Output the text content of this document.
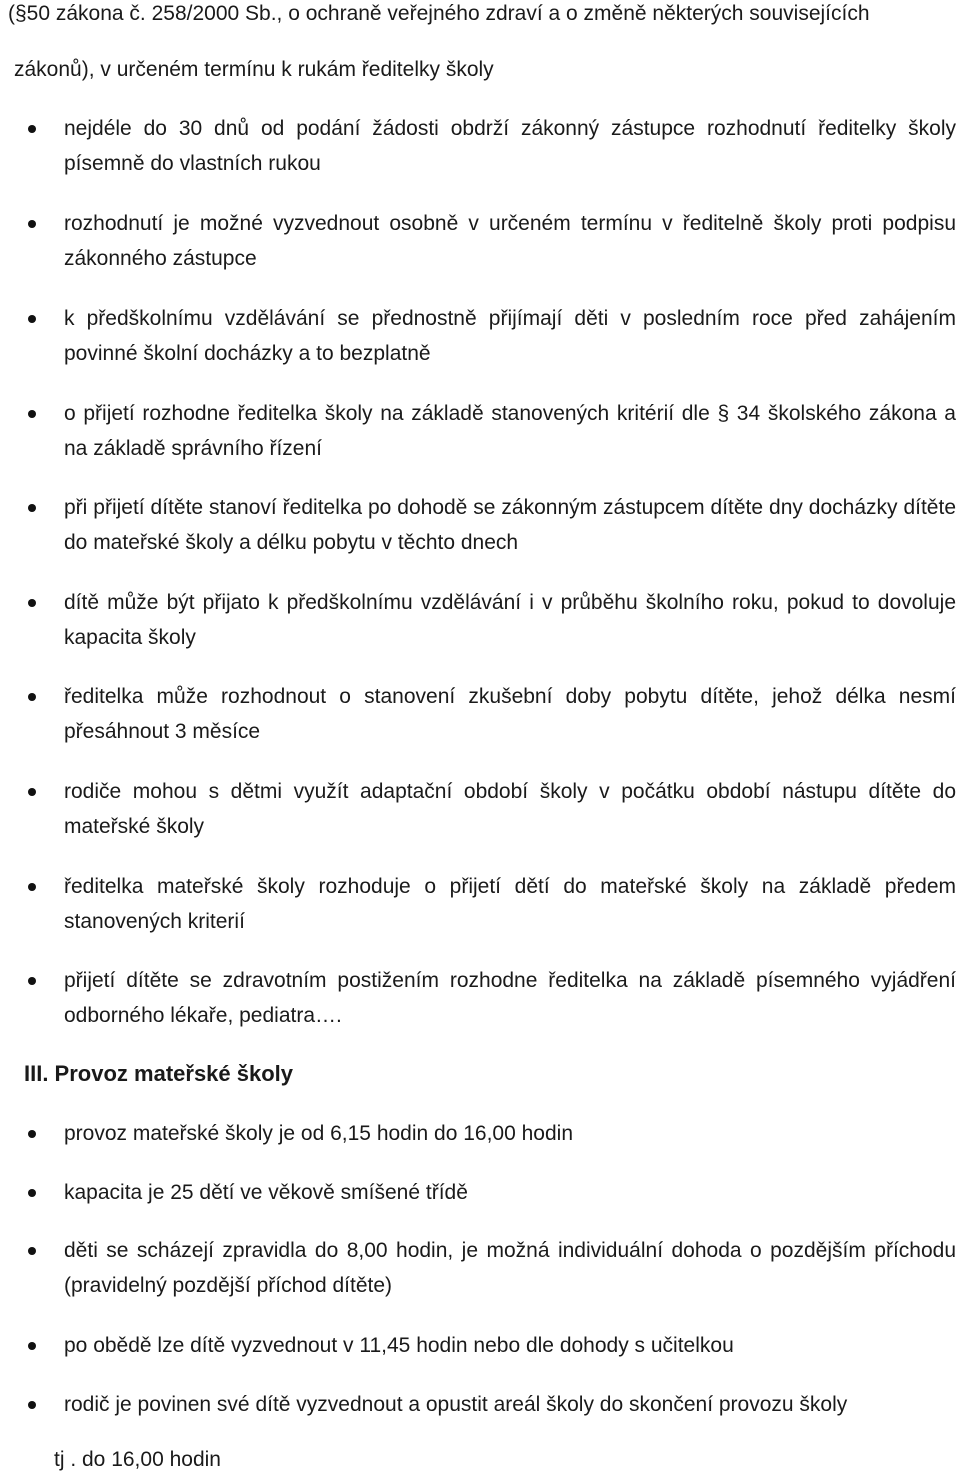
(§50 zákona č. 258/2000 Sb., o ochraně veřejného zdraví a o změně některých souvisejících
zákonů), v určeném termínu k rukám ředitelky školy
nejdéle do 30 dnů od podání žádosti obdrží zákonný zástupce rozhodnutí ředitelky školy písemně do vlastních rukou
rozhodnutí je možné vyzvednout osobně v určeném termínu v ředitelně školy proti podpisu zákonného zástupce
k předškolnímu vzdělávání se přednostně přijímají děti v posledním roce před zahájením povinné školní docházky a to bezplatně
o přijetí rozhodne ředitelka školy na základě stanovených kritérií dle § 34 školského zákona a na základě správního řízení
při přijetí dítěte stanoví ředitelka po dohodě se zákonným zástupcem dítěte dny docházky dítěte do mateřské školy a délku pobytu v těchto dnech
dítě může být přijato k předškolnímu vzdělávání i v průběhu školního roku, pokud to dovoluje kapacita školy
ředitelka může rozhodnout o stanovení zkušební doby pobytu dítěte, jehož délka nesmí přesáhnout 3 měsíce
rodiče mohou s dětmi využít adaptační období školy v počátku období nástupu dítěte do mateřské školy
ředitelka mateřské školy rozhoduje o přijetí dětí do mateřské školy na základě předem stanovených kriterií
přijetí dítěte se zdravotním postižením rozhodne ředitelka na základě písemného vyjádření odborného lékaře, pediatra….
III. Provoz mateřské školy
provoz mateřské školy je od 6,15 hodin do 16,00 hodin
kapacita je 25 dětí ve věkově smíšené třídě
děti se scházejí zpravidla do 8,00 hodin, je možná individuální dohoda o pozdějším příchodu (pravidelný pozdější příchod dítěte)
po obědě lze dítě vyzvednout v 11,45 hodin nebo dle dohody s učitelkou
rodič je povinen své dítě vyzvednout a opustit areál školy do skončení provozu školy
tj . do 16,00 hodin
